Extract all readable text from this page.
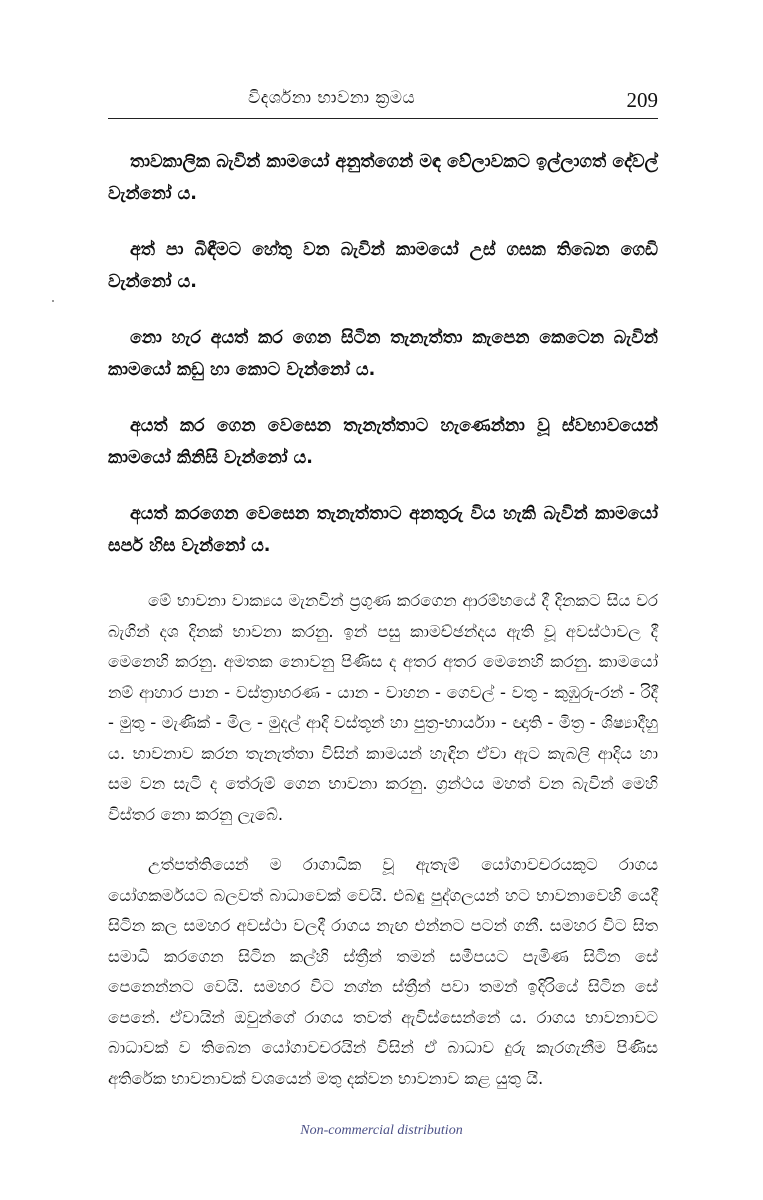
විදර්ශනා භාවනා ක්‍රමය	209

තාවකාලික බැවින් කාමයෝ අනුත්ගෙන් මඳ වේලාවකට ඉල්ලාගත් දේවල් වැන්නෝ ය.

අත් පා බිඳීමට හේතු වන බැවින් කාමයෝ උස් ගසක තිබෙන ගෙඩි වැන්නෝ ය.

නො හැර අයත් කර ගෙන සිටින තැනැත්තා කැපෙන කෙටෙන බැවින් කාමයෝ කඩු හා කොට වැන්නෝ ය.

අයත් කර ගෙන වෙසෙන තැනැත්තාට හැණෙන්නා වූ ස්වභාවයෙන් කාමයෝ කිනිසි වැන්නෝ ය.

අයත් කරගෙන වෙසෙන තැනැත්තාට අනතුරු විය හැකි බැවින් කාමයෝ සර්ප හිස වැන්නෝ ය.

මේ භාවනා වාක්‍යය මැනවින් ප්‍රගුණ කරගෙන ආරම්භයේ දී දිනකට සිය වර බැගින් දශ දිනක් භාවනා කරනු. ඉන් පසු කාමච්ඡන්දය ඇති වූ අවස්ථාවල දී මෙනෙහි කරනු. අමතක නොවනු පිණිස ද අතර අතර මෙනෙහි කරනු. කාමයෝ නම් ආහාර පාන - වස්ත්‍රාභරණ - යාන - වාහන - ගෙවල් - වතු - කුඹුරු-රන් - රිදී - මුතු - මැණික් - මිල - මුදල් ආදි වස්තූන් හා පුත්‍ර-භාර්යාා - ඥාති - මිත්‍ර - ශිෂ්‍යාදීහු ය. භාවනාව කරන තැනැත්තා විසින් කාමයන් හැඳින ඒවා ඇට කැබලි ආදිය හා සම වන සැටි ද තේරුම් ගෙන භාවනා කරනු. ග්‍රන්ථය මහත් වන බැවින් මෙහි විස්තර නො කරනු ලැබේ.

උත්පත්තියෙන් ම රාගාධික වූ ඇතැම් යෝගාවචරයකුට රාගය යෝගකර්මයට බලවත් බාධාවෙක් වෙයි. එබඳු පුද්ගලයන් හට භාවනාවෙහි යෙදී සිටින කල සමහර අවස්ථා වලදී රාගය නැඟ එන්නට පටන් ගනී. සමහර විට සිත සමාධි කරගෙන සිටින කල්හි ස්ත්‍රීන් තමන් සමීපයට පැමිණ සිටින සේ පෙනෙන්නට වෙයි. සමහර විට නග්න ස්ත්‍රීන් පවා තමන් ඉදිරියේ සිටින සේ පෙනේ. ඒවායින් ඔවුන්ගේ රාගය තවත් ඇවිස්සෙන්නේ ය. රාගය භාවනාවට බාධාවක් ව තිබෙන යෝගාවචරයින් විසින් ඒ බාධාව දුරු කැරගැනීම පිණිස අතිරේක භාවනාවක් වශයෙන් මතු දක්වන භාවනාව කළ යුතු යි.

Non-commercial distribution
